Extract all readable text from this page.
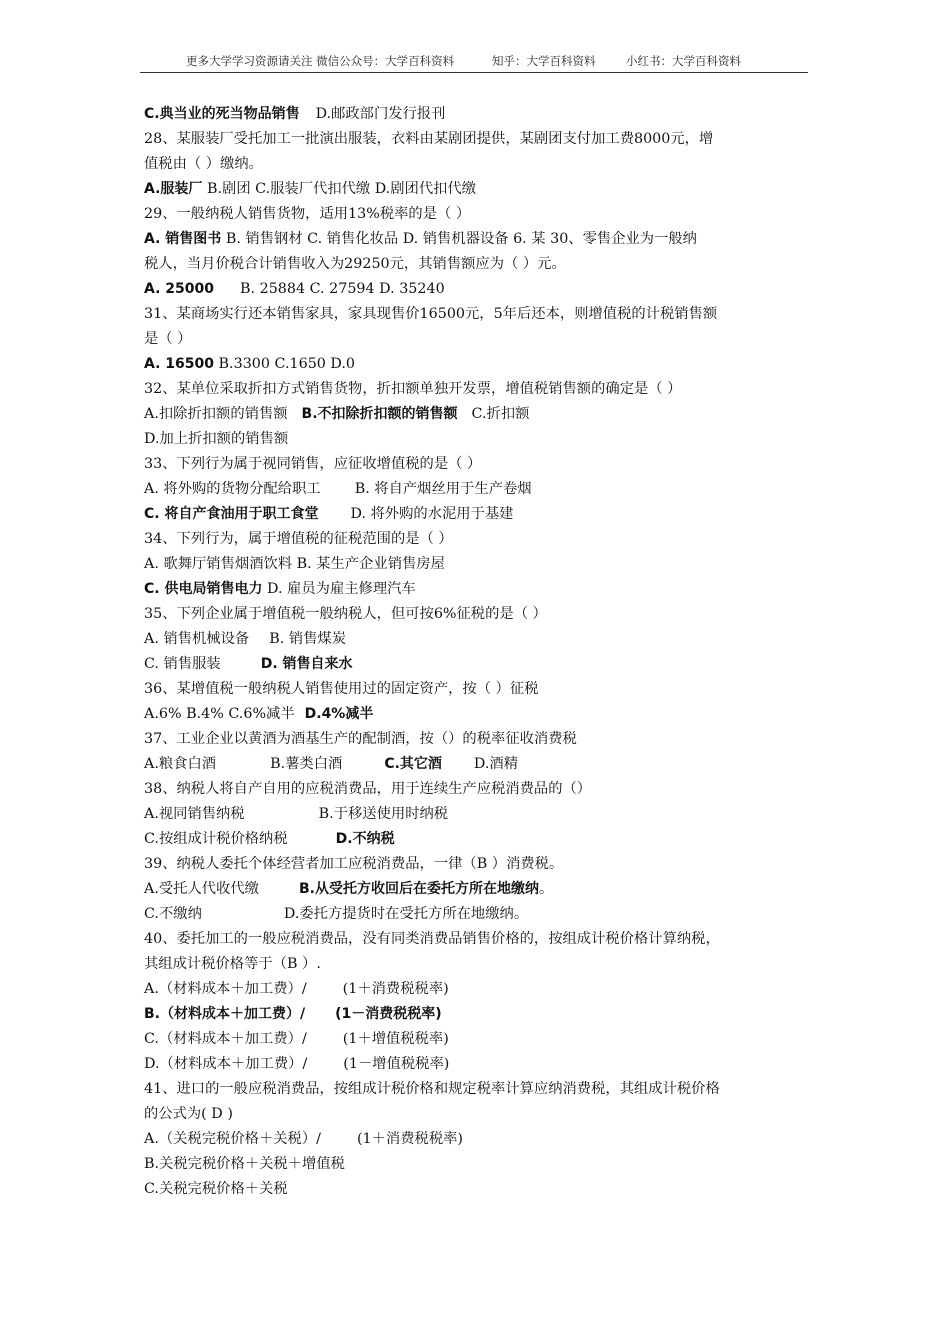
更多大学学习资源请关注 微信公众号：大学百科资料	知乎：大学百科资料	小红书：大学百科资料
C.典当业的死当物品销售 D.邮政部门发行报刊
28、某服装厂受托加工一批演出服装，衣料由某剧团提供，某剧团支付加工费8000元，增
值税由（ ）缴纳。
A.服装厂 B.剧团 C.服装厂代扣代缴 D.剧团代扣代缴
29、一般纳税人销售货物，适用13%税率的是（ ）
A. 销售图书 B. 销售钢材 C. 销售化妆品 D. 销售机器设备 6. 某 30、零售企业为一般纳
税人，当月价税合计销售收入为29250元，其销售额应为（ ）元。
A. 25000 B. 25884 C. 27594 D. 35240
31、某商场实行还本销售家具，家具现售价16500元，5年后还本，则增值税的计税销售额
是（ ）
A. 16500 B.3300 C.1650 D.0
32、某单位采取折扣方式销售货物，折扣额单独开发票，增值税销售额的确定是（ ）
A.扣除折扣额的销售额 B.不扣除折扣额的销售额 C.折扣额
D.加上折扣额的销售额
33、下列行为属于视同销售，应征收增值税的是（ ）
A. 将外购的货物分配给职工 B. 将自产烟丝用于生产卷烟
C. 将自产食油用于职工食堂 D. 将外购的水泥用于基建
34、下列行为，属于增值税的征税范围的是（ ）
A. 歌舞厅销售烟酒饮料 B. 某生产企业销售房屋
C. 供电局销售电力 D. 雇员为雇主修理汽车
35、下列企业属于增值税一般纳税人，但可按6%征税的是（ ）
A. 销售机械设备 B. 销售煤炭
C. 销售服装	D. 销售自来水
36、某增值税一般纳税人销售使用过的固定资产，按（ ）征税
A.6% B.4% C.6%减半 D.4%减半
37、工业企业以黄酒为酒基生产的配制酒，按（）的税率征收消费税
A.粮食白酒	B.薯类白酒	C.其它酒 D.酒精
38、纳税人将自产自用的应税消费品，用于连续生产应税消费品的（）
A.视同销售纳税	B.于移送使用时纳税
C.按组成计税价格纳税	D.不纳税
39、纳税人委托个体经营者加工应税消费品，一律（B ）消费税。
A.受托人代收代缴	B.从受托方收回后在委托方所在地缴纳。
C.不缴纳	D.委托方提货时在受托方所在地缴纳。
40、委托加工的一般应税消费品，没有同类消费品销售价格的，按组成计税价格计算纳税，
其组成计税价格等于（B ）.
A.（材料成本＋加工费）/	(1＋消费税税率)
B.（材料成本＋加工费）/ (1－消费税税率)
C.（材料成本＋加工费）/	(1＋增值税税率)
D.（材料成本＋加工费）/	(1－增值税税率)
41、进口的一般应税消费品，按组成计税价格和规定税率计算应纳消费税，其组成计税价格
的公式为( D )
A.（关税完税价格＋关税）/	(1＋消费税税率)
B.关税完税价格＋关税＋增值税
C.关税完税价格＋关税
